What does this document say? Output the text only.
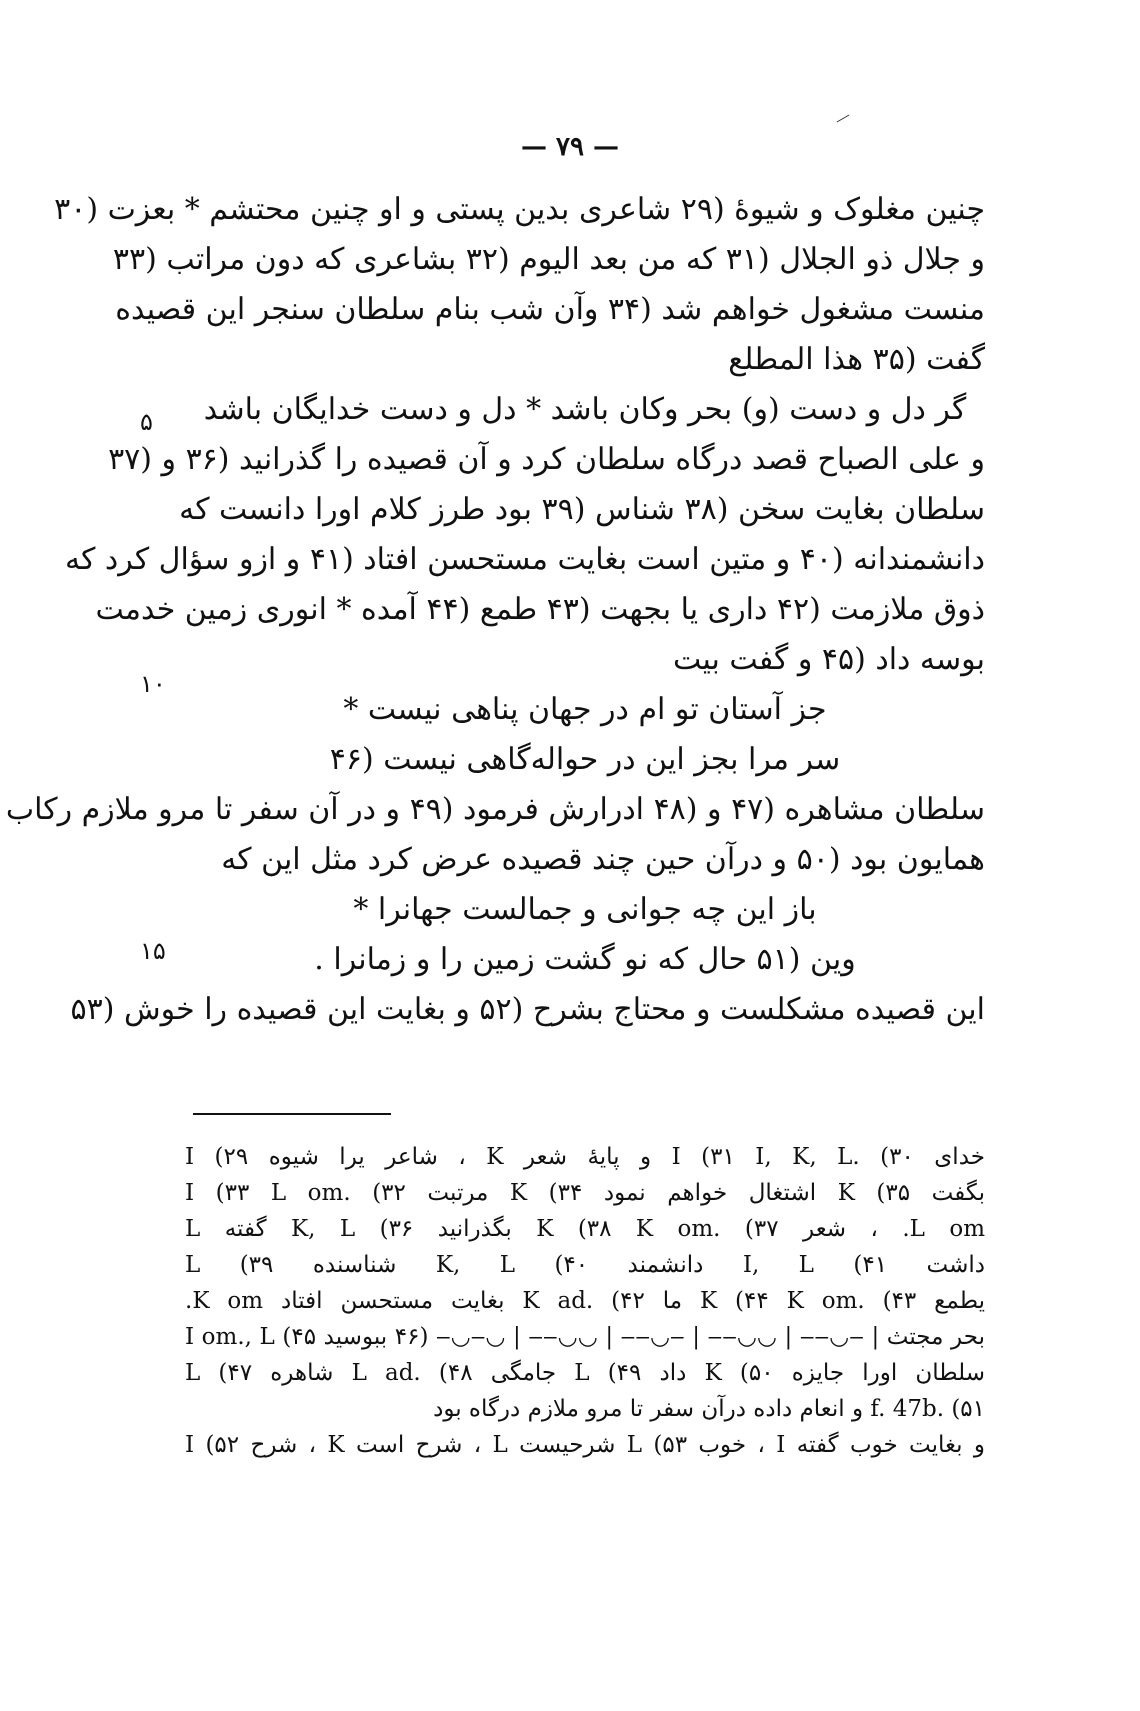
— ۷۹ —
چنین مغلوک و شیوهٔ (۲۹ شاعری بدین پستی و او چنین محتشم * بعزت (۳۰
و جلال ذو الجلال (۳۱ که من بعد الیوم (۳۲ بشاعری که دون مراتب (۳۳
منست مشغول خواهم شد (۳۴ وآن شب بنام سلطان سنجر این قصیده
گفت (۳۵ هذا المطلع
گر دل و دست (و) بحر وکان باشد * دل و دست خدایگان باشد
و علی الصباح قصد درگاه سلطان کرد و آن قصیده را گذرانید (۳۶ و (۳۷
سلطان بغایت سخن (۳۸ شناس (۳۹ بود طرز کلام اورا دانست که
دانشمندانه (۴۰ و متین است بغایت مستحسن افتاد (۴۱ و ازو سؤال کرد که
ذوق ملازمت (۴۲ داری یا بجهت (۴۳ طمع (۴۴ آمده * انوری زمین خدمت
بوسه داد (۴۵ و گفت بیت
جز آستان تو ام در جهان پناهی نیست *
سر مرا بجز این در حواله‌گاهی نیست (۴۶
سلطان مشاهره (۴۷ و (۴۸ ادرارش فرمود (۴۹ و در آن سفر تا مرو ملازم رکاب
همایون بود (۵۰ و درآن حین چند قصیده عرض کرد مثل این که
باز این چه جوانی و جمالست جهانرا *
وین (۵۱ حال که نو گشت زمین را و زمانرا .
این قصیده مشکلست و محتاج بشرح (۵۲ و بغایت این قصیده را خوش (۵۳
۵
۱۰
۱۵
خدای I (۳۱ I, K, L. (۳۰ و پایهٔ شعر K ، شاعر یرا شیوه I (۲۹
بگفت K (۳۵ اشتغال خواهم نمود K (۳۴ مرتبت I (۳۳ L om. (۳۲
L om. ، شعر K (۳۸ K om. (۳۷ بگذرانید K, L (۳۶ گفته L
داشت I, L (۴۱ دانشمند K, L (۴۰ شناسنده L (۳۹
یطمع K (۴۴ K om. (۴۳ ما K ad. (۴۲ بغایت مستحسن افتاد K om.
بحر مجتث | ‒◡‒‒ | ◡◡‒‒ | ‒◡‒‒ | ◡◡‒‒ | ◡‒◡‒ (۴۶ ببوسید I om., L (۴۵
سلطان اورا جایزه K (۵۰ داد L (۴۹ جامگی L ad. (۴۸ شاهره L (۴۷
f. 47b. (۵۱ و انعام داده درآن سفر تا مرو ملازم درگاه بود
و بغایت خوب گفته I ، خوب L (۵۳ شرحیست L ، شرح است K ، شرح I (۵۲
